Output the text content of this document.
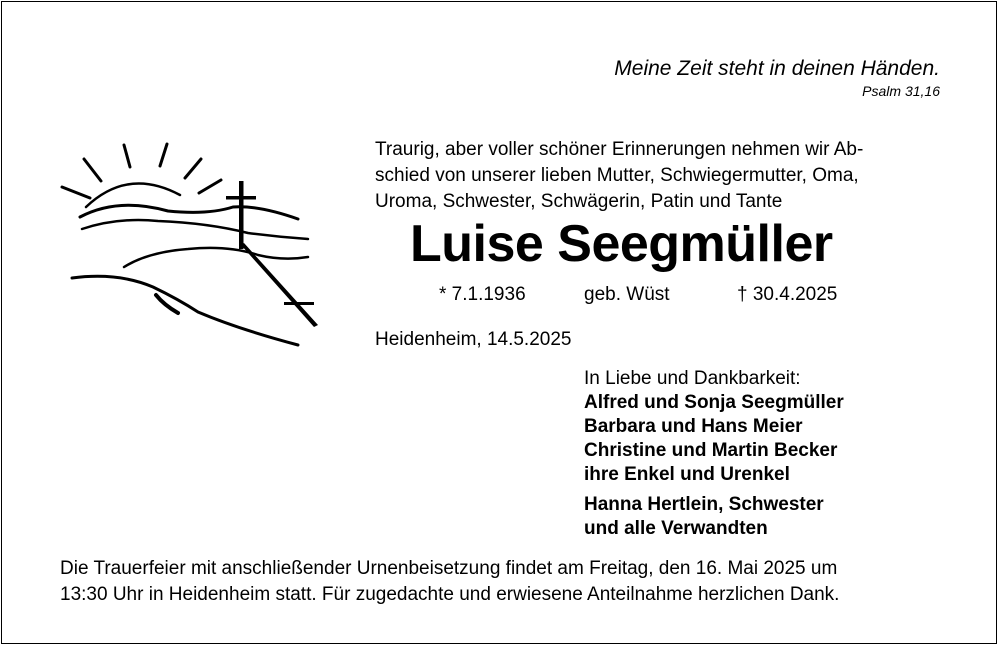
Meine Zeit steht in deinen Händen.
Psalm 31,16
Traurig, aber voller schöner Erinnerungen nehmen wir Ab-
schied von unserer lieben Mutter, Schwiegermutter, Oma,
Uroma, Schwester, Schwägerin, Patin und Tante
Luise Seegmüller
* 7.1.1936	geb. Wüst	† 30.4.2025
Heidenheim, 14.5.2025
In Liebe und Dankbarkeit:
Alfred und Sonja Seegmüller
Barbara und Hans Meier
Christine und Martin Becker
ihre Enkel und Urenkel
Hanna Hertlein, Schwester
und alle Verwandten
Die Trauerfeier mit anschließender Urnenbeisetzung findet am Freitag, den 16. Mai 2025 um
13:30 Uhr in Heidenheim statt. Für zugedachte und erwiesene Anteilnahme herzlichen Dank.
